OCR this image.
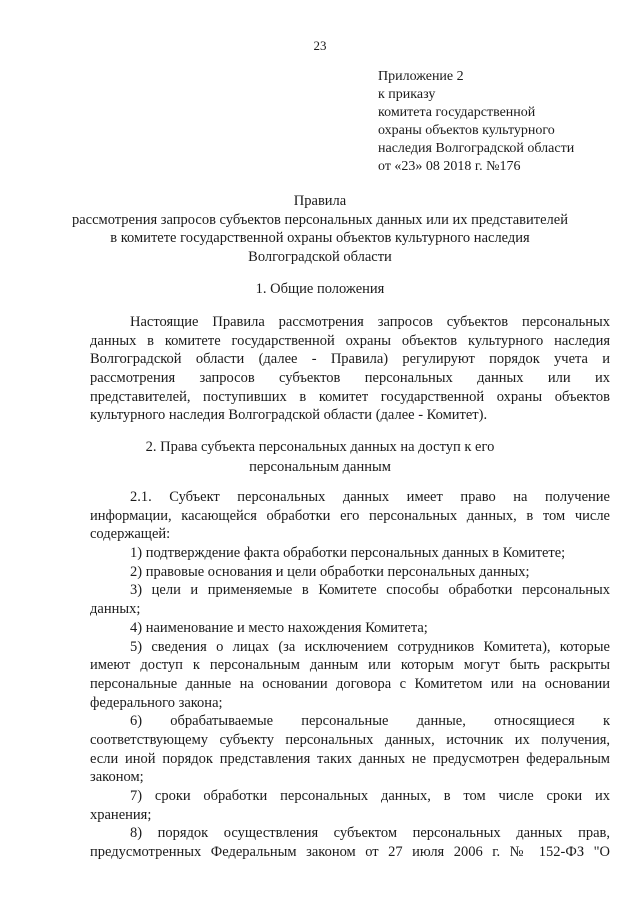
23
Приложение 2
к приказу
комитета государственной
охраны объектов культурного
наследия Волгоградской области
от «23» 08 2018 г. №176
Правила
рассмотрения запросов субъектов персональных данных или их представителей
в комитете государственной охраны объектов культурного наследия
Волгоградской области
1. Общие положения
Настоящие Правила рассмотрения запросов субъектов персональных
данных в комитете государственной охраны объектов культурного наследия
Волгоградской области (далее - Правила) регулируют порядок учета и
рассмотрения запросов субъектов персональных данных или их
представителей, поступивших в комитет государственной охраны объектов
культурного наследия Волгоградской области (далее - Комитет).
2. Права субъекта персональных данных на доступ к его
персональным данным
2.1. Субъект персональных данных имеет право на получение
информации, касающейся обработки его персональных данных, в том числе
содержащей:
1) подтверждение факта обработки персональных данных в Комитете;
2) правовые основания и цели обработки персональных данных;
3) цели и применяемые в Комитете способы обработки персональных
данных;
4) наименование и место нахождения Комитета;
5) сведения о лицах (за исключением сотрудников Комитета), которые
имеют доступ к персональным данным или которым могут быть раскрыты
персональные данные на основании договора с Комитетом или на основании
федерального закона;
6) обрабатываемые персональные данные, относящиеся к
соответствующему субъекту персональных данных, источник их получения,
если иной порядок представления таких данных не предусмотрен федеральным
законом;
7) сроки обработки персональных данных, в том числе сроки их
хранения;
8) порядок осуществления субъектом персональных данных прав,
предусмотренных Федеральным законом от 27 июля 2006 г. № 152-ФЗ "О
